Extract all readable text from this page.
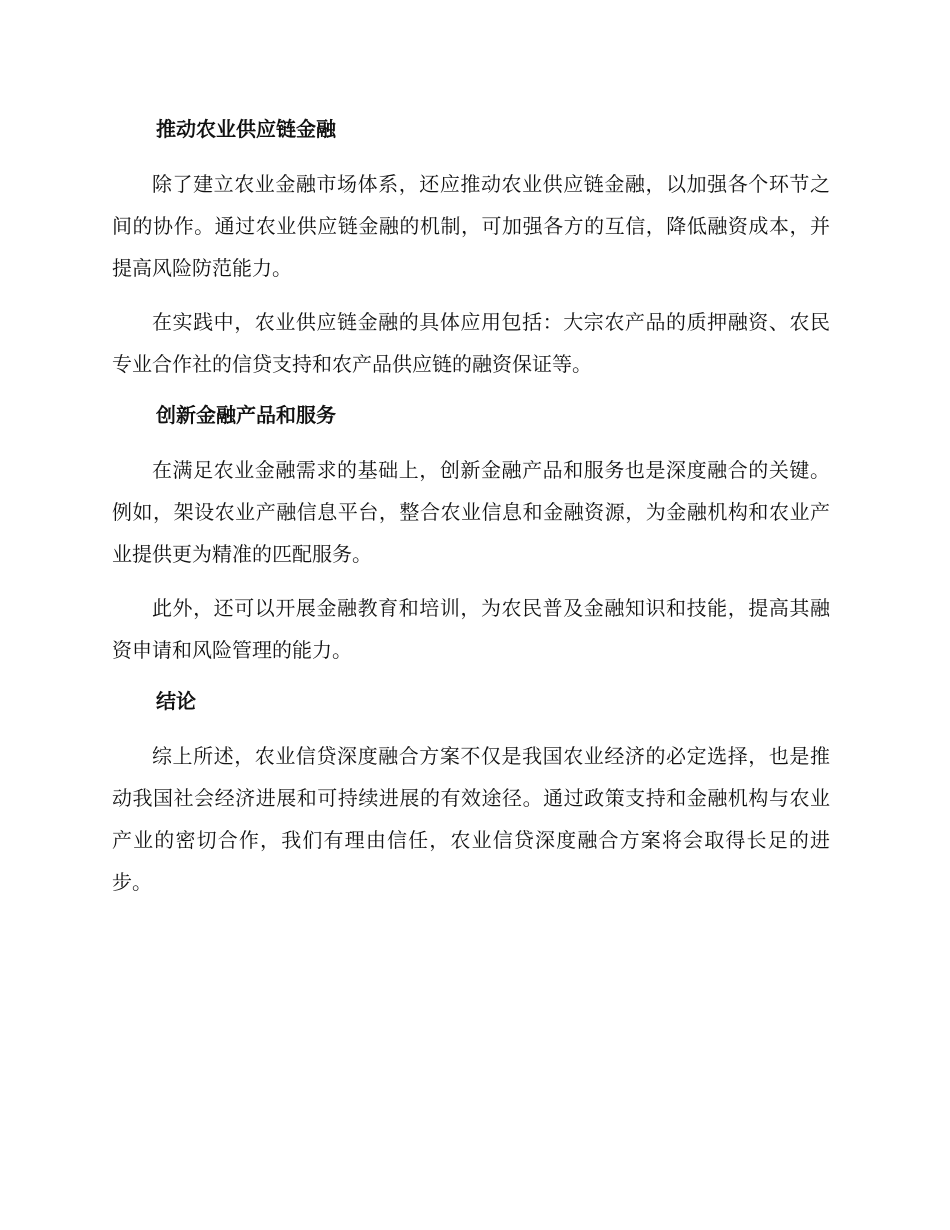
推动农业供应链金融

除了建立农业金融市场体系，还应推动农业供应链金融，以加强各个环节之间的协作。通过农业供应链金融的机制，可加强各方的互信，降低融资成本，并提高风险防范能力。

在实践中，农业供应链金融的具体应用包括：大宗农产品的质押融资、农民专业合作社的信贷支持和农产品供应链的融资保证等。

创新金融产品和服务

在满足农业金融需求的基础上，创新金融产品和服务也是深度融合的关键。例如，架设农业产融信息平台，整合农业信息和金融资源，为金融机构和农业产业提供更为精准的匹配服务。

此外，还可以开展金融教育和培训，为农民普及金融知识和技能，提高其融资申请和风险管理的能力。

结论

综上所述，农业信贷深度融合方案不仅是我国农业经济的必定选择，也是推动我国社会经济进展和可持续进展的有效途径。通过政策支持和金融机构与农业产业的密切合作，我们有理由信任，农业信贷深度融合方案将会取得长足的进步。
